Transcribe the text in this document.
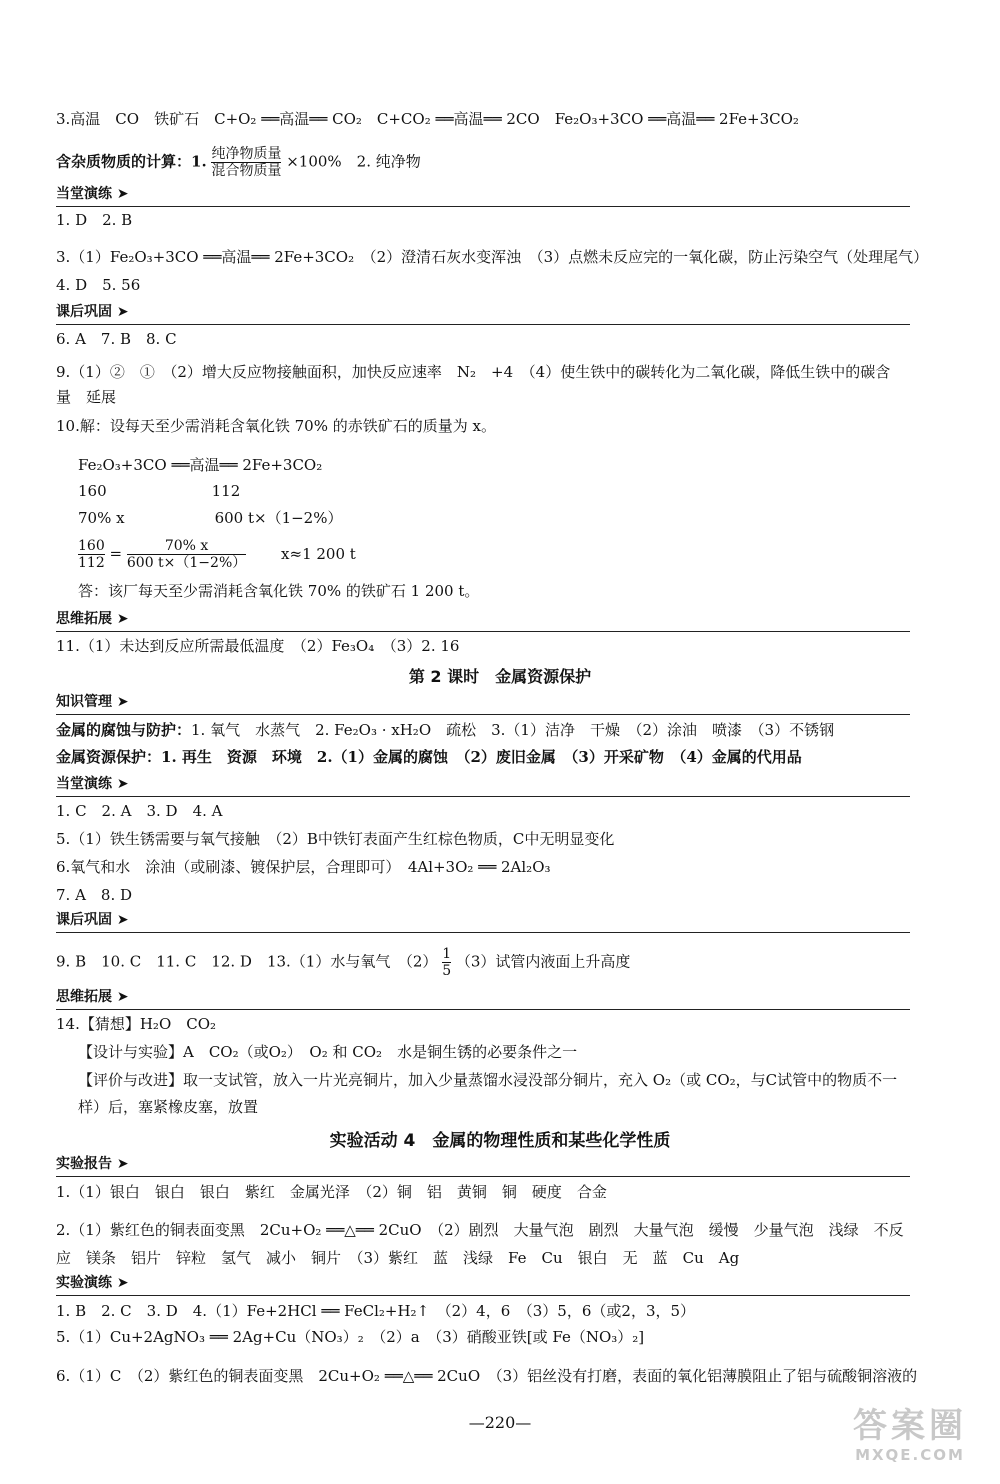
3.高温　CO　铁矿石　C+O₂ ══高温══ CO₂　C+CO₂ ══高温══ 2CO　Fe₂O₃+3CO ══高温══ 2Fe+3CO₂
含杂质物质的计算：1. $\frac{\text{纯净物质量}}{\text{混合物质量}} \times 100\%$　2. 纯净物
当堂演练 ➤
1. D　2. B
3.（1）Fe₂O₃+3CO ══高温══ 2Fe+3CO₂　（2）澄清石灰水变浑浊　（3）点燃未反应完的一氧化碳，防止污染空气（处理尾气）
4. D　5. 56
课后巩固 ➤
6. A　7. B　8. C
9.（1）②　①　（2）增大反应物接触面积，加快反应速率　N₂　+4　（4）使生铁中的碳转化为二氧化碳，降低生铁中的碳含
量　延展
10.解：设每天至少需消耗含氧化铁 70% 的赤铁矿石的质量为 x。
Fe₂O₃+3CO ══高温══ 2Fe+3CO₂
160　　　　　　　112
70% x　　　　　　600 t×（1−2%）
$\frac{160}{112} = \frac{70\% x}{600 t\times(1-2\%)} x\approx 1$ 200 t
答：该厂每天至少需消耗含氧化铁 70% 的铁矿石 1 200 t。
思维拓展 ➤
11.（1）未达到反应所需最低温度　（2）Fe₃O₄　（3）2. 16
第 2 课时　金属资源保护
知识管理 ➤
金属的腐蚀与防护：1. 氧气　水蒸气　2. Fe₂O₃ · xH₂O　疏松　3.（1）洁净　干燥　（2）涂油　喷漆　（3）不锈钢
金属资源保护：1. 再生　资源　环境　2.（1）金属的腐蚀　（2）废旧金属　（3）开采矿物　（4）金属的代用品
当堂演练 ➤
1. C　2. A　3. D　4. A
5.（1）铁生锈需要与氧气接触　（2）B中铁钉表面产生红棕色物质，C中无明显变化
6.氧气和水　涂油（或刷漆、镀保护层，合理即可）　4Al+3O₂ ══ 2Al₂O₃
7. A　8. D
课后巩固 ➤
9. B　10. C　11. C　12. D　13.（1）水与氧气　$(2) \frac{1}{5} (3)$试管内液面上升高度
思维拓展 ➤
14.【猜想】H₂O　CO₂
【设计与实验】A　CO₂（或O₂）　O₂ 和 CO₂　水是铜生锈的必要条件之一
【评价与改进】取一支试管，放入一片光亮铜片，加入少量蒸馏水浸没部分铜片，充入 O₂（或 CO₂，与C试管中的物质不一
样）后，塞紧橡皮塞，放置
实验活动 4　金属的物理性质和某些化学性质
实验报告 ➤
1.（1）银白　银白　银白　紫红　金属光泽　（2）铜　铝　黄铜　铜　硬度　合金
2.（1）紫红色的铜表面变黑　2Cu+O₂ ══△══ 2CuO　（2）剧烈　大量气泡　剧烈　大量气泡　缓慢　少量气泡　浅绿　不反
应　镁条　铝片　锌粒　氢气　减小　铜片　（3）紫红　蓝　浅绿　Fe　Cu　银白　无　蓝　Cu　Ag
实验演练 ➤
1. B　2. C　3. D　4.（1）Fe+2HCl ══ FeCl₂+H₂↑　（2）4，6　（3）5，6（或2，3，5）
5.（1）Cu+2AgNO₃ ══ 2Ag+Cu（NO₃）₂　（2）a　（3）硝酸亚铁[或 Fe（NO₃）₂]
6.（1）C　（2）紫红色的铜表面变黑　2Cu+O₂ ══△══ 2CuO　（3）铝丝没有打磨，表面的氧化铝薄膜阻止了铝与硫酸铜溶液的
—220—	答案圈
MXQE.COM
